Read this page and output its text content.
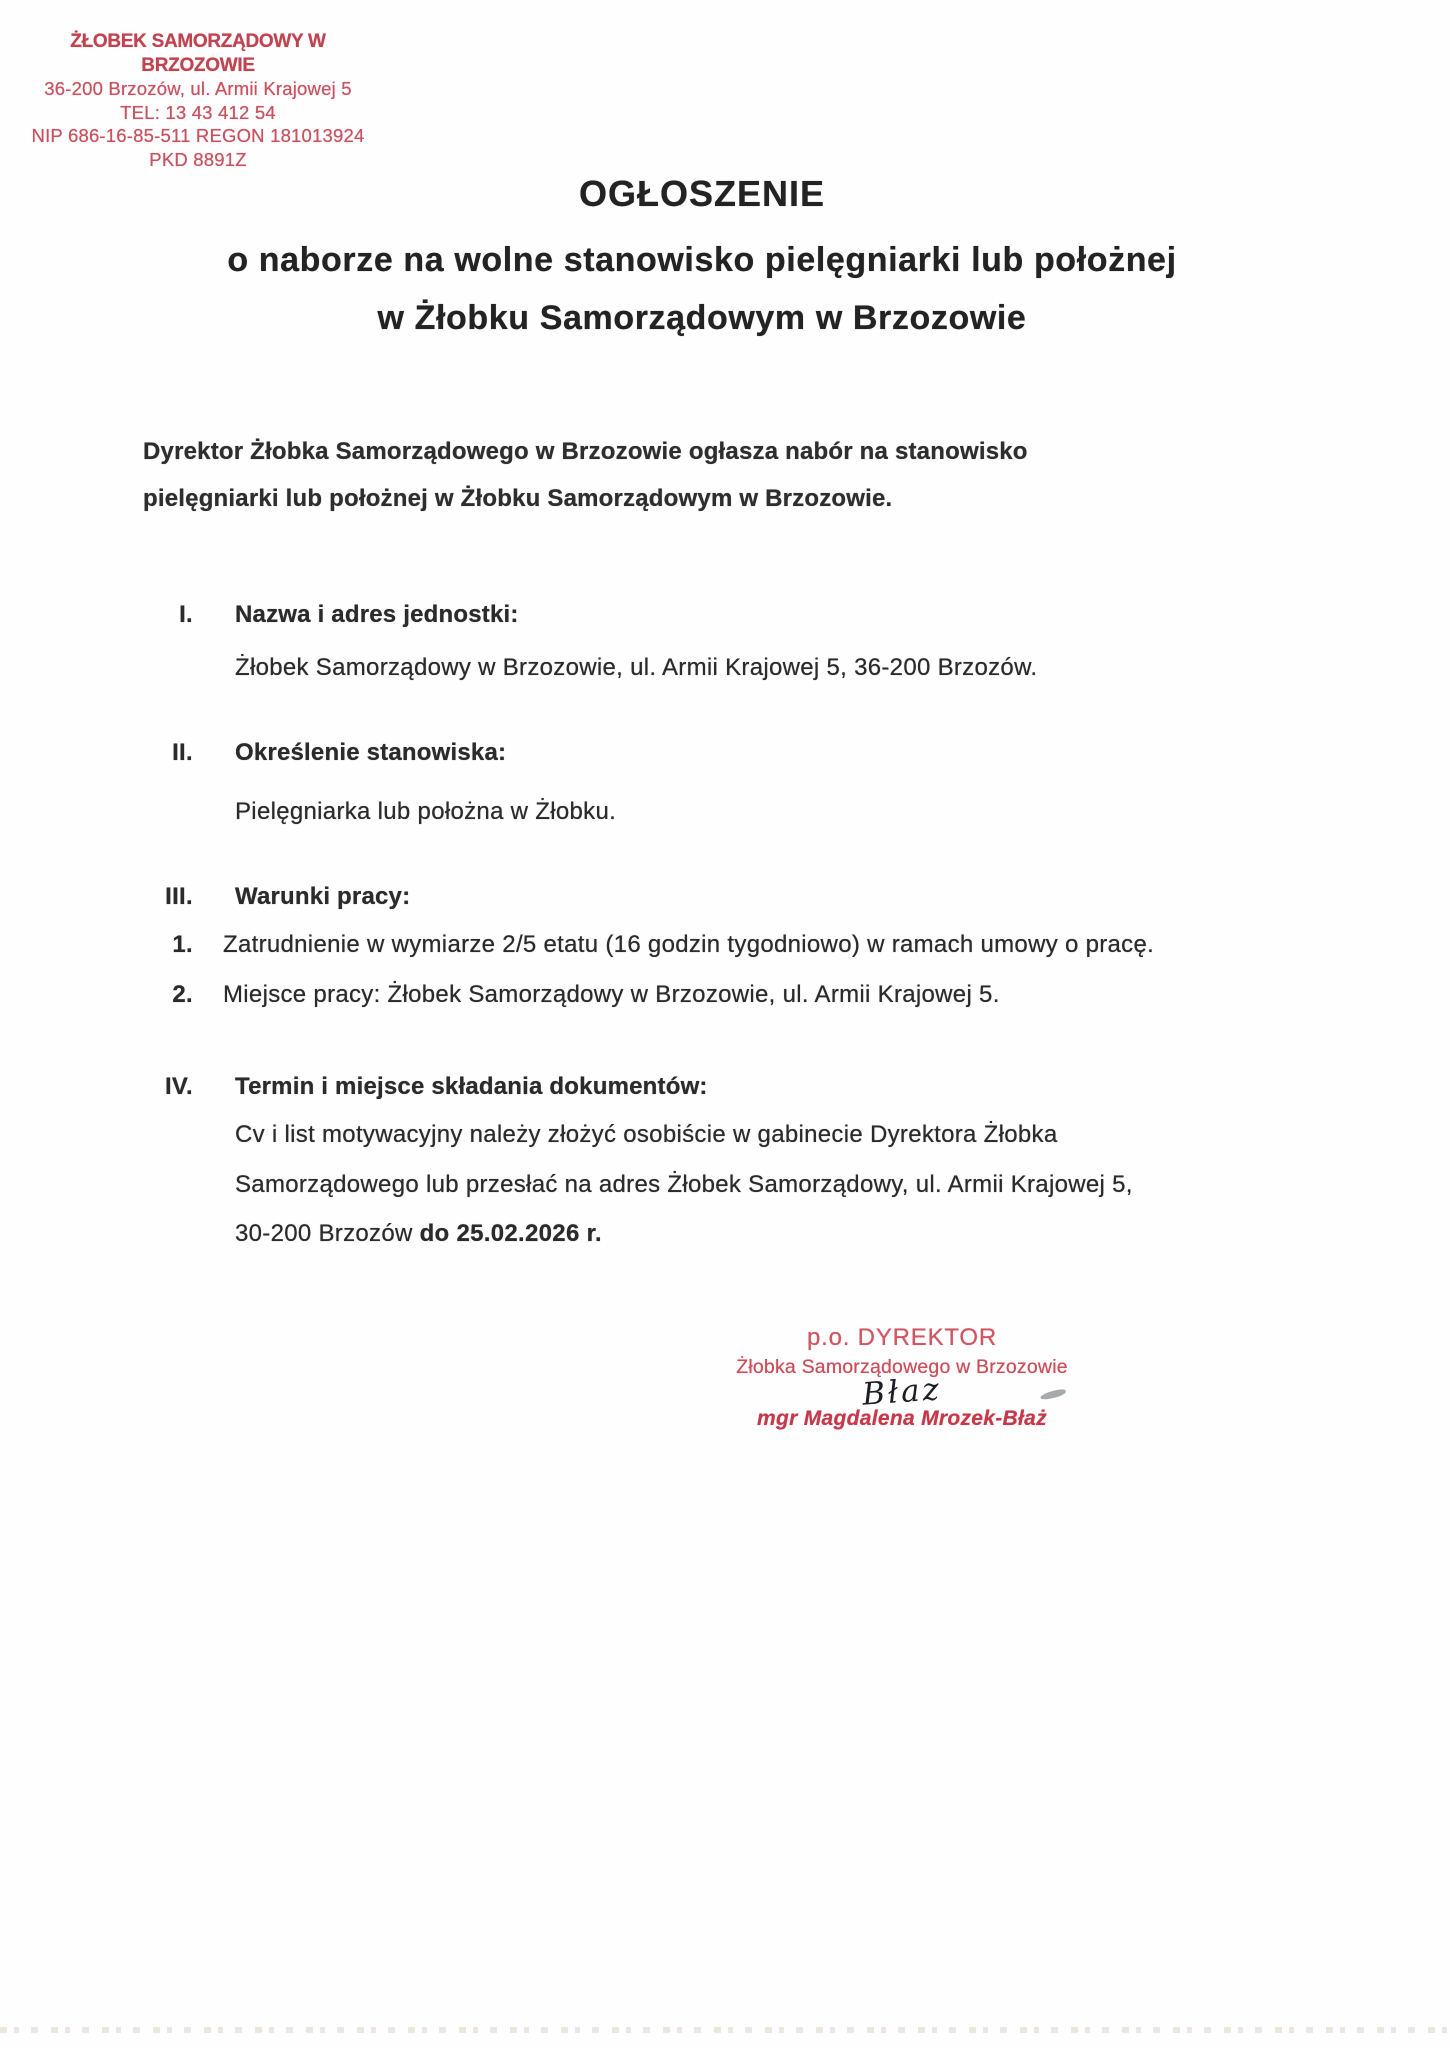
ŻŁOBEK SAMORZĄDOWY W BRZOZOWIE
36-200 Brzozów, ul. Armii Krajowej 5
TEL: 13 43 412 54
NIP 686-16-85-511 REGON 181013924
PKD 8891Z
OGŁOSZENIE
o naborze na wolne stanowisko pielęgniarki lub położnej
w Żłobku Samorządowym w Brzozowie
Dyrektor Żłobka Samorządowego w Brzozowie ogłasza nabór na stanowisko
pielęgniarki lub położnej w Żłobku Samorządowym w Brzozowie.
I. Nazwa i adres jednostki:
Żłobek Samorządowy w Brzozowie, ul. Armii Krajowej 5, 36-200 Brzozów.
II. Określenie stanowiska:
Pielęgniarka lub położna w Żłobku.
III. Warunki pracy:
1. Zatrudnienie w wymiarze 2/5 etatu (16 godzin tygodniowo) w ramach umowy o pracę.
2. Miejsce pracy: Żłobek Samorządowy w Brzozowie, ul. Armii Krajowej 5.
IV. Termin i miejsce składania dokumentów:
Cv i list motywacyjny należy złożyć osobiście w gabinecie Dyrektora Żłobka
Samorządowego lub przesłać na adres Żłobek Samorządowy, ul. Armii Krajowej 5,
30-200 Brzozów do 25.02.2026 r.
p.o. DYREKTOR
Żłobka Samorządowego w Brzozowie
Błaz
mgr Magdalena Mrozek-Błaż
